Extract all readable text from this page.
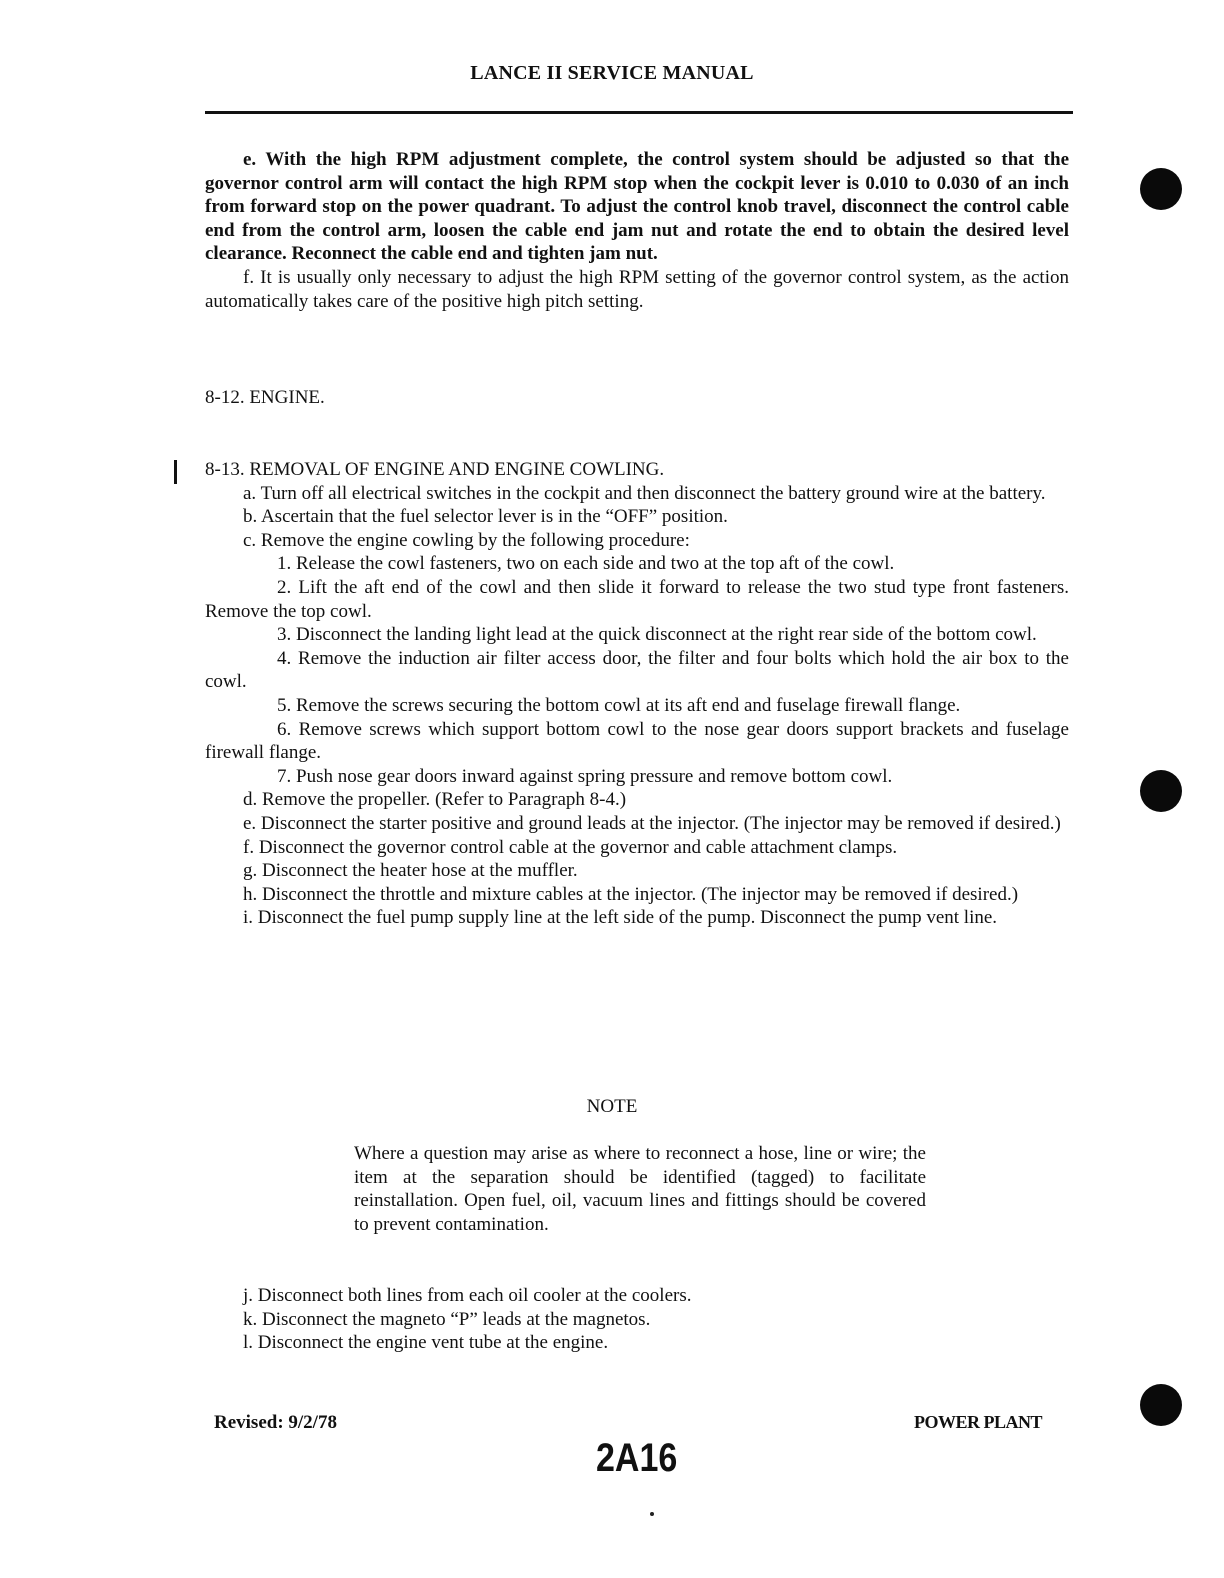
LANCE II SERVICE MANUAL

e. With the high RPM adjustment complete, the control system should be adjusted so that the governor control arm will contact the high RPM stop when the cockpit lever is 0.010 to 0.030 of an inch from forward stop on the power quadrant. To adjust the control knob travel, disconnect the control cable end from the control arm, loosen the cable end jam nut and rotate the end to obtain the desired level clearance. Reconnect the cable end and tighten jam nut.

f. It is usually only necessary to adjust the high RPM setting of the governor control system, as the action automatically takes care of the positive high pitch setting.

8-12. ENGINE.

8-13. REMOVAL OF ENGINE AND ENGINE COWLING.

a. Turn off all electrical switches in the cockpit and then disconnect the battery ground wire at the battery.

b. Ascertain that the fuel selector lever is in the “OFF” position.

c. Remove the engine cowling by the following procedure:

1. Release the cowl fasteners, two on each side and two at the top aft of the cowl.

2. Lift the aft end of the cowl and then slide it forward to release the two stud type front fasteners. Remove the top cowl.

3. Disconnect the landing light lead at the quick disconnect at the right rear side of the bottom cowl.

4. Remove the induction air filter access door, the filter and four bolts which hold the air box to the cowl.

5. Remove the screws securing the bottom cowl at its aft end and fuselage firewall flange.

6. Remove screws which support bottom cowl to the nose gear doors support brackets and fuselage firewall flange.

7. Push nose gear doors inward against spring pressure and remove bottom cowl.

d. Remove the propeller. (Refer to Paragraph 8-4.)

e. Disconnect the starter positive and ground leads at the injector. (The injector may be removed if desired.)

f. Disconnect the governor control cable at the governor and cable attachment clamps.

g. Disconnect the heater hose at the muffler.

h. Disconnect the throttle and mixture cables at the injector. (The injector may be removed if desired.)

i. Disconnect the fuel pump supply line at the left side of the pump. Disconnect the pump vent line.

NOTE
Where a question may arise as where to reconnect a hose, line or wire; the item at the separation should be identified (tagged) to facilitate reinstallation. Open fuel, oil, vacuum lines and fittings should be covered to prevent contamination.

j. Disconnect both lines from each oil cooler at the coolers.

k. Disconnect the magneto “P” leads at the magnetos.

l. Disconnect the engine vent tube at the engine.

Revised: 9/2/78	POWER PLANT
2A16
